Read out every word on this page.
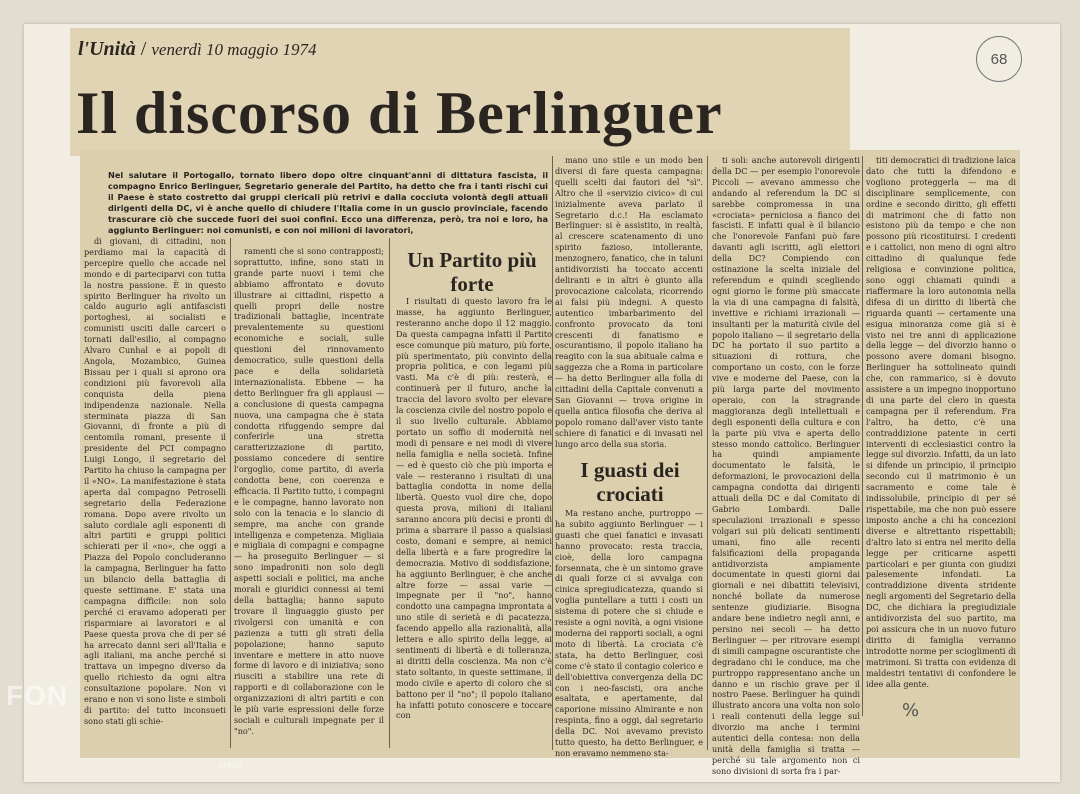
l'Unità / venerdì 10 maggio 1974
Il discorso di Berlinguer
68
Nel salutare il Portogallo, tornato libero dopo oltre cinquant'anni di dittatura fascista, il compagno Enrico Berlinguer, Segretario generale del Partito, ha detto che fra i tanti rischi cui il Paese è stato costretto dai gruppi clericali più retrivi e dalla cocciuta volontà degli attuali dirigenti della DC, vi è anche quello di chiudere l'Italia come in un guscio provinciale, facendo trascurare ciò che succede fuori dei suoi confini. Ecco una differenza, però, tra noi e loro, ha aggiunto Berlinguer: noi comunisti, e con noi milioni di lavoratori,

di giovani, di cittadini, non perdiamo mai la capacità di percepire quello che accade nel mondo e di parteciparvi con tutta la nostra passione. È in questo spirito Berlinguer ha rivolto un caldo augurio agli antifascisti portoghesi, ai socialisti e comunisti usciti dalle carceri o tornati dall'esilio, al compagno Alvaro Cunhal e ai popoli di Angola, Mozambico, Guinea Bissau per i quali si aprono ora condizioni più favorevoli alla conquista della piena indipendenza nazionale. Nella sterminata piazza di San Giovanni, di fronte a più di centomila romani, presente il presidente del PCI compagno Luigi Longo, il segretario del Partito ha chiuso la campagna per il «NO». La manifestazione è stata aperta dal compagno Petroselli segretario della Federazione romana. Dopo avere rivolto un saluto cordiale agli esponenti di altri partiti e gruppi politici schierati per il «no», che oggi a Piazza del Popolo concluderanno la campagna, Berlinguer ha fatto un bilancio della battaglia di queste settimane. E' stata una campagna difficile: non solo perché ci eravamo adoperati per risparmiare ai lavoratori e al Paese questa prova che di per sé ha arrecato danni seri all'Italia e agli italiani, ma anche perché si trattava un impegno diverso da quello richiesto da ogni altra consultazione popolare. Non vi erano e non vi sono liste e simboli di partito: del tutto inconsueti sono stati gli schie-

ramenti che si sono contrapposti; soprattutto, infine, sono stati in grande parte nuovi i temi che abbiamo affrontato e dovuto illustrare ai cittadini, rispetto a quelli propri delle nostre tradizionali battaglie, incentrate prevalentemente su questioni economiche e sociali, sulle questioni del rinnovamento democratico, sulle questioni della pace e della solidarietà internazionalista. Ebbene — ha detto Berlinguer fra gli applausi — a conclusione di questa campagna nuova, una campagna che è stata condotta rifuggendo sempre dal conferirle una stretta caratterizzazione di partito, possiamo concedere di sentire l'orgoglio, come partito, di averla condotta bene, con coerenza e efficacia. Il Partito tutto, i compagni e le compagne, hanno lavorato non solo con la tenacia e lo slancio di sempre, ma anche con grande intelligenza e competenza. Migliaia e migliaia di compagni e compagne — ha proseguito Berlinguer — si sono impadroniti non solo degli aspetti sociali e politici, ma anche morali e giuridici connessi ai temi della battaglia; hanno saputo trovare il linguaggio giusto per rivolgersi con umanità e con pazienza a tutti gli strati della popolazione; hanno saputo inventare e mettere in atto nuove forme di lavoro e di iniziativa; sono riusciti a stabilire una rete di rapporti e di collaborazione con le organizzazioni di altri partiti e con le più varie espressioni delle forze sociali e culturali impegnate per il "no".

Un Partito più forte

I risultati di questo lavoro fra le masse, ha aggiunto Berlinguer, resteranno anche dopo il 12 maggio. Da questa campagna infatti il Partito esce comunque più maturo, più forte, più sperimentato, più convinto della propria politica, e con legami più vasti. Ma c'è di più: resterà, e continuerà per il futuro, anche la traccia del lavoro svolto per elevare la coscienza civile del nostro popolo e il suo livello culturale. Abbiamo portato un soffio di modernità nei modi di pensare e nei modi di vivere nella famiglia e nella società. Infine — ed è questo ciò che più importa e vale — resteranno i risultati di una battaglia condotta in nome della libertà. Questo vuol dire che, dopo questa prova, milioni di italiani saranno ancora più decisi e pronti di prima a sbarrare il passo a qualsiasi costo, domani e sempre, ai nemici della libertà e a fare progredire la democrazia. Motivo di soddisfazione, ha aggiunto Berlinguer, è che anche altre forze — assai varie — impegnate per il "no", hanno condotto una campagna improntata a uno stile di serietà e di pacatezza, facendo appello alla razionalità, alla lettera e allo spirito della legge, ai sentimenti di libertà e di tolleranza, ai diritti della coscienza. Ma non c'è stato soltanto, in queste settimane, il modo civile e aperto di coloro che si battono per il "no"; il popolo italiano ha infatti potuto conoscere e toccare con

mano uno stile e un modo ben diversi di fare questa campagna: quelli scelti dai fautori del "sì". Altro che il «servizio civico» di cui inizialmente aveva parlato il Segretario d.c.! Ha esclamato Berlinguer: si è assistito, in realtà, al crescere scatenamento di uno spirito fazioso, intollerante, menzognero, fanatico, che in taluni antidivorzisti ha toccato accenti deliranti e in altri è giunto alla provocazione calcolata, ricorrendo ai falsi più indegni. A questo autentico imbarbarimento del confronto provocato da toni crescenti di fanatismo e oscurantismo, il popolo italiano ha reagito con la sua abituale calma e saggezza che a Roma in particolare — ha detto Berlinguer alla folla di cittadini della Capitale convenuti a San Giovanni — trova origine in quella antica filosofia che deriva al popolo romano dall'aver visto tante schiere di fanatici e di invasati nel lungo arco della sua storia.

I guasti dei crociati

Ma restano anche, purtroppo — ha subito aggiunto Berlinguer — i guasti che quei fanatici e invasati hanno provocato: resta traccia, cioè, della loro campagna forsennata, che è un sintomo grave di quali forze ci si avvalga con cinica spregiudicatezza, quando si voglia puntellare a tutti i costi un sistema di potere che si chiude e resiste a ogni novità, a ogni visione moderna dei rapporti sociali, a ogni moto di libertà. La crociata c'è stata, ha detto Berlinguer, così come c'è stato il contagio colerico e dell'obiettiva convergenza della DC con i neo-fascisti, ora anche esaltata, e apertamente, dal caporione missino Almirante e non respinta, fino a oggi, dal segretario della DC. Noi avevamo previsto tutto questo, ha detto Berlinguer, e non eravamo nemmeno sta-

ti soli: anche autorevoli dirigenti della DC — per esempio l'onorevole Piccoli — avevano ammesso che andando al referendum la DC si sarebbe compromessa in una «crociata» perniciosa a fianco dei fascisti. E infatti qual è il bilancio che l'onorevole Fanfani può fare davanti agli iscritti, agli elettori della DC? Compiendo con ostinazione la scelta iniziale del referendum e quindi scegliendo ogni giorno le forme più smaccate la via di una campagna di falsità, invettive e richiami irrazionali — insultanti per la maturità civile del popolo italiano — il segretario della DC ha portato il suo partito a situazioni di rottura, che comportano un costo, con le forze vive e moderne del Paese, con la più larga parte del movimento operaio, con la stragrande maggioranza degli intellettuali e degli esponenti della cultura e con la parte più viva e aperta dello stesso mondo cattolico. Berlinguer ha quindi ampiamente documentato le falsità, le deformazioni, le provocazioni della campagna condotta dai dirigenti attuali della DC e dal Comitato di Gabrio Lombardi. Dalle speculazioni irrazionali e spesso volgari sui più delicati sentimenti umani, fino alle recenti falsificazioni della propaganda antidivorzista ampiamente documentate in questi giorni dai giornali e nei dibattiti televisivi, nonché bollate da numerose sentenze giudiziarie. Bisogna andare bene indietro negli anni, e persino nei secoli — ha detto Berlinguer — per ritrovare esempi di simili campagne oscurantiste che degradano chi le conduce, ma che purtroppo rappresentano anche un danno e un rischio grave per il nostro Paese. Berlinguer ha quindi illustrato ancora una volta non solo i reali contenuti della legge sul divorzio ma anche i termini autentici della contesa: non della unità della famiglia si tratta — perché su tale argomento non ci sono divisioni di sorta fra i par-

titi democratici di tradizione laica dato che tutti la difendono e vogliono proteggerla — ma di disciplinare semplicemente, con ordine e secondo diritto, gli effetti di matrimoni che di fatto non esistono più da tempo e che non possono più ricostituirsi. I credenti e i cattolici, non meno di ogni altro cittadino di qualunque fede religiosa e convinzione politica, sono oggi chiamati quindi a riaffermare la loro autonomia nella difesa di un diritto di libertà che riguarda quanti — certamente una esigua minoranza come già si è visto nei tre anni di applicazione della legge — del divorzio hanno o possono avere domani bisogno. Berlinguer ha sottolineato quindi che, con rammarico, si è dovuto assistere a un impegno inopportuno di una parte del clero in questa campagna per il referendum. Fra l'altro, ha detto, c'è una contraddizione patente in certi interventi di ecclesiastici contro la legge sul divorzio. Infatti, da un lato si difende un principio, il principio secondo cui il matrimonio è un sacramento e come tale è indissolubile, principio di per sé rispettabile, ma che non può essere imposto anche a chi ha concezioni diverse e altrettanto rispettabili; d'altro lato si entra nel merito della legge per criticarne aspetti particolari e per giunta con giudizi palesemente infondati. La contraddizione diventa stridente negli argomenti del Segretario della DC, che dichiara la pregiudiziale antidivorzista del suo partito, ma poi assicura che in un nuovo futuro diritto di famiglia verranno introdotte norme per scioglimenti di matrimoni. Si tratta con evidenza di maldestri tentativi di confondere le idee alla gente.

%
FON
onlus
